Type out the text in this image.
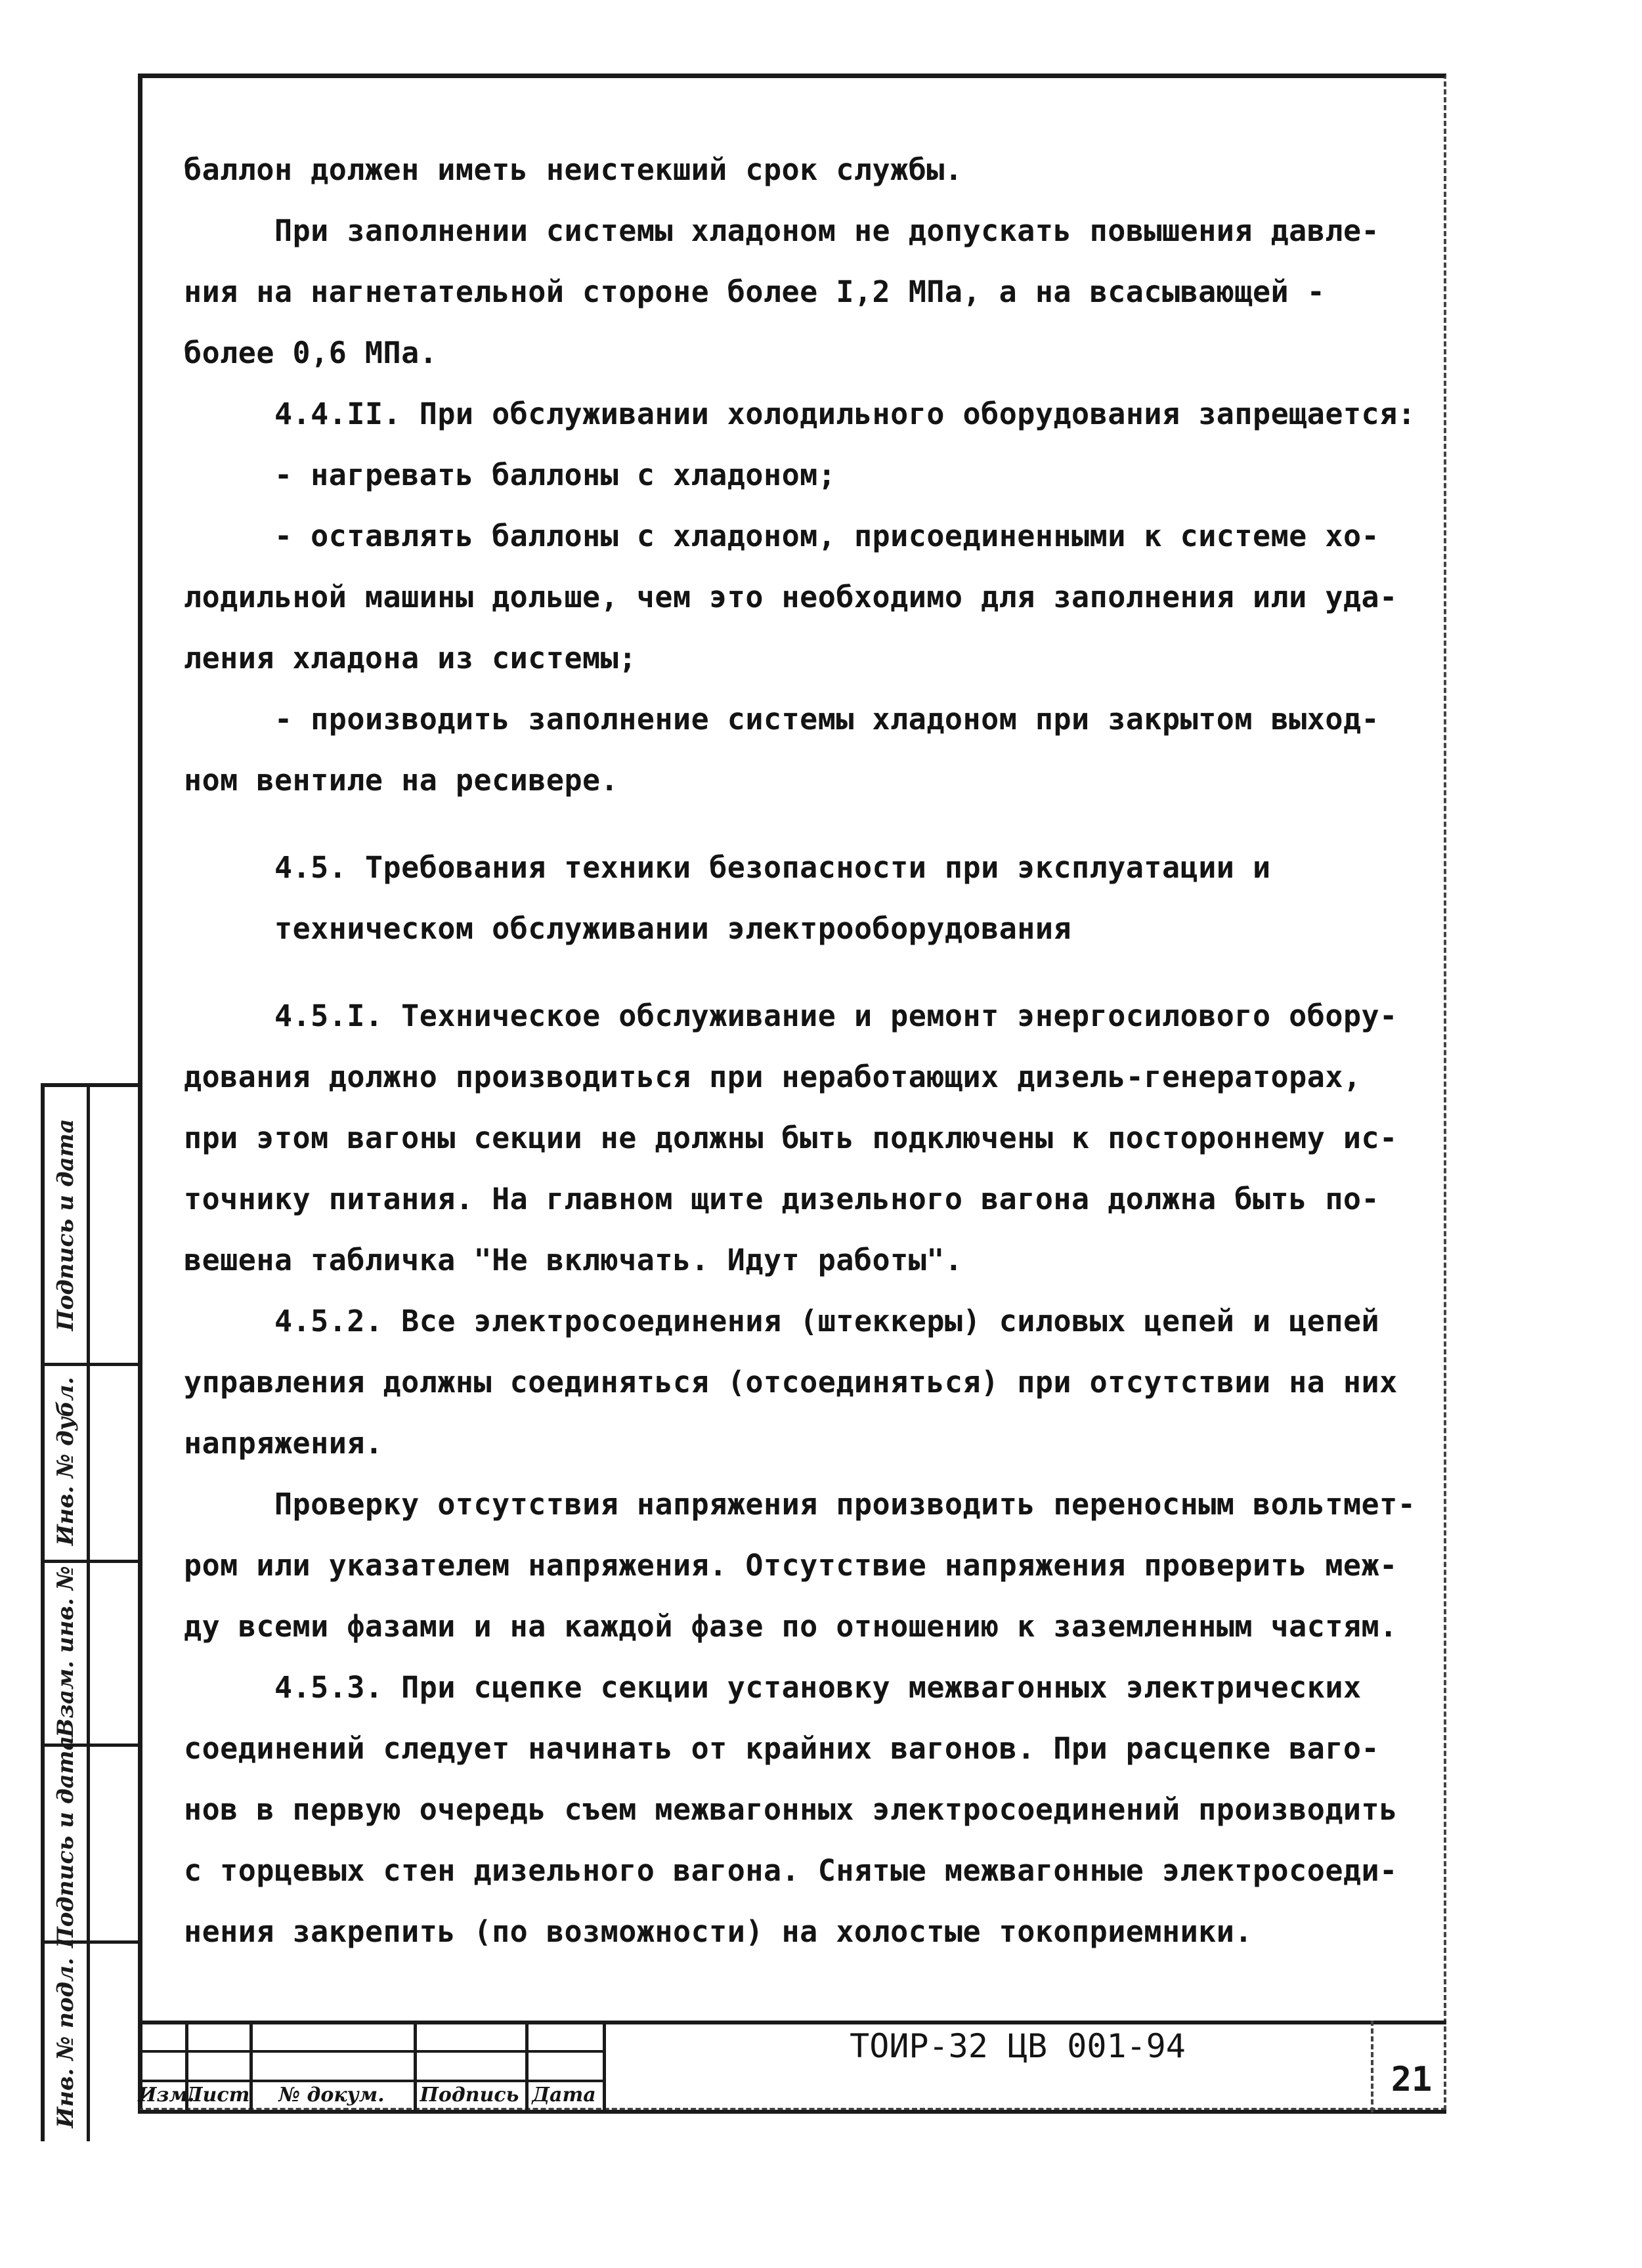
баллон должен иметь неистекший срок службы.
При заполнении системы хладоном не допускать повышения давле-
ния на нагнетательной стороне более I,2 МПа, а на всасывающей -
более 0,6 МПа.
4.4.II. При обслуживании холодильного оборудования запрещается:
- нагревать баллоны с хладоном;
- оставлять баллоны с хладоном, присоединенными к системе хо-
лодильной машины дольше, чем это необходимо для заполнения или уда-
ления хладона из системы;
- производить заполнение системы хладоном при закрытом выход-
ном вентиле на ресивере.
4.5. Требования техники безопасности при эксплуатации и
техническом обслуживании электрооборудования
4.5.I. Техническое обслуживание и ремонт энергосилового обору-
дования должно производиться при неработающих дизель-генераторах,
при этом вагоны секции не должны быть подключены к постороннему ис-
точнику питания. На главном щите дизельного вагона должна быть по-
вешена табличка "Не включать. Идут работы".
4.5.2. Все электросоединения (штеккеры) силовых цепей и цепей
управления должны соединяться (отсоединяться) при отсутствии на них
напряжения.
Проверку отсутствия напряжения производить переносным вольтмет-
ром или указателем напряжения. Отсутствие напряжения проверить меж-
ду всеми фазами и на каждой фазе по отношению к заземленным частям.
4.5.3. При сцепке секции установку межвагонных электрических
соединений следует начинать от крайних вагонов. При расцепке ваго-
нов в первую очередь съем межвагонных электросоединений производить
с торцевых стен дизельного вагона. Снятые межвагонные электросоеди-
нения закрепить (по возможности) на холостые токоприемники.
Подпись и дата
Инв. № дубл.
Взам. инв. №
Подпись и дата
Инв. № подл.	Изм.
Лист	№ докум.	Подпись Дата
ТОИР-32 ЦВ 001-94
21
